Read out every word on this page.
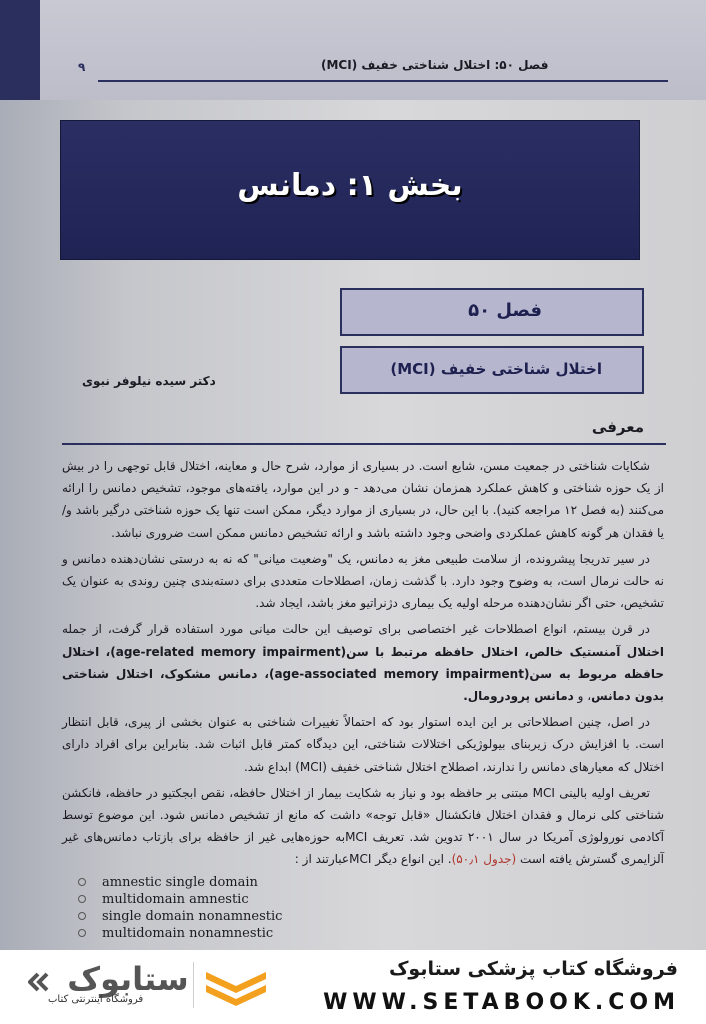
۹	فصل ۵۰: اختلال شناختی خفیف (MCI)
بخش ۱: دمانس
فصل ۵۰
اختلال شناختی خفیف (MCI)
دکتر سیده نیلوفر نبوی
معرفی

شکایات شناختی در جمعیت مسن، شایع است. در بسیاری از موارد، شرح حال و معاینه، اختلال قابل توجهی را در بیش از یک حوزه شناختی و کاهش عملکرد همزمان نشان می‌دهد - و در این موارد، یافته‌های موجود، تشخیص دمانس را ارائه می‌کنند (به فصل ۱۲ مراجعه کنید). با این حال، در بسیاری از موارد دیگر، ممکن است تنها یک حوزه شناختی درگیر باشد و/یا فقدان هر گونه کاهش عملکردی واضحی وجود داشته باشد و ارائه تشخیص دمانس ممکن است ضروری نباشد.

در سیر تدریجا پیشرونده، از سلامت طبیعی مغز به دمانس، یک "وضعیت میانی" که نه به درستی نشان‌دهنده دمانس و نه حالت نرمال است، به وضوح وجود دارد. با گذشت زمان، اصطلاحات متعددی برای دسته‌بندی چنین روندی به عنوان یک تشخیص، حتی اگر نشان‌دهنده مرحله اولیه یک بیماری دژنراتیو مغز باشد، ایجاد شد.

در قرن بیستم، انواع اصطلاحات غیر اختصاصی برای توصیف این حالت میانی مورد استفاده قرار گرفت، از جمله اختلال آمنستیک خالص، اختلال حافظه مرتبط با سن(age-related memory impairment)، اختلال حافظه مربوط به سن(age-associated memory impairment)، دمانس مشکوک، اختلال شناختی بدون دمانس، و دمانس پرودرومال.

در اصل، چنین اصطلاحاتی بر این ایده استوار بود که احتمالاً تغییرات شناختی به عنوان بخشی از پیری، قابل انتظار است. با افزایش درک زیربنای بیولوژیکی اختلالات شناختی، این دیدگاه کمتر قابل اثبات شد. بنابراین برای افراد دارای اختلال که معیارهای دمانس را ندارند، اصطلاح اختلال شناختی خفیف (MCI) ابداع شد.

تعریف اولیه بالینی MCI مبتنی بر حافظه بود و نیاز به شکایت بیمار از اختلال حافظه، نقص ابجکتیو در حافظه، فانکشن شناختی کلی نرمال و فقدان اختلال فانکشنال «قابل توجه» داشت که مانع از تشخیص دمانس شود. این موضوع توسط آکادمی نورولوژی آمریکا در سال ۲۰۰۱ تدوین شد. تعریف MCIبه حوزه‌هایی غیر از حافظه برای بازتاب دمانس‌های غیر آلزایمری گسترش یافته است (جدول ۵۰٫۱). این انواع دیگر MCIعبارتند از :

amnestic single domain
multidomain amnestic
single domain nonamnestic
multidomain nonamnestic
ستابوک
فروشگاه اینترنتی کتاب
فروشگاه کتاب پزشکی ستابوک
WWW.SETABOOK.COM
